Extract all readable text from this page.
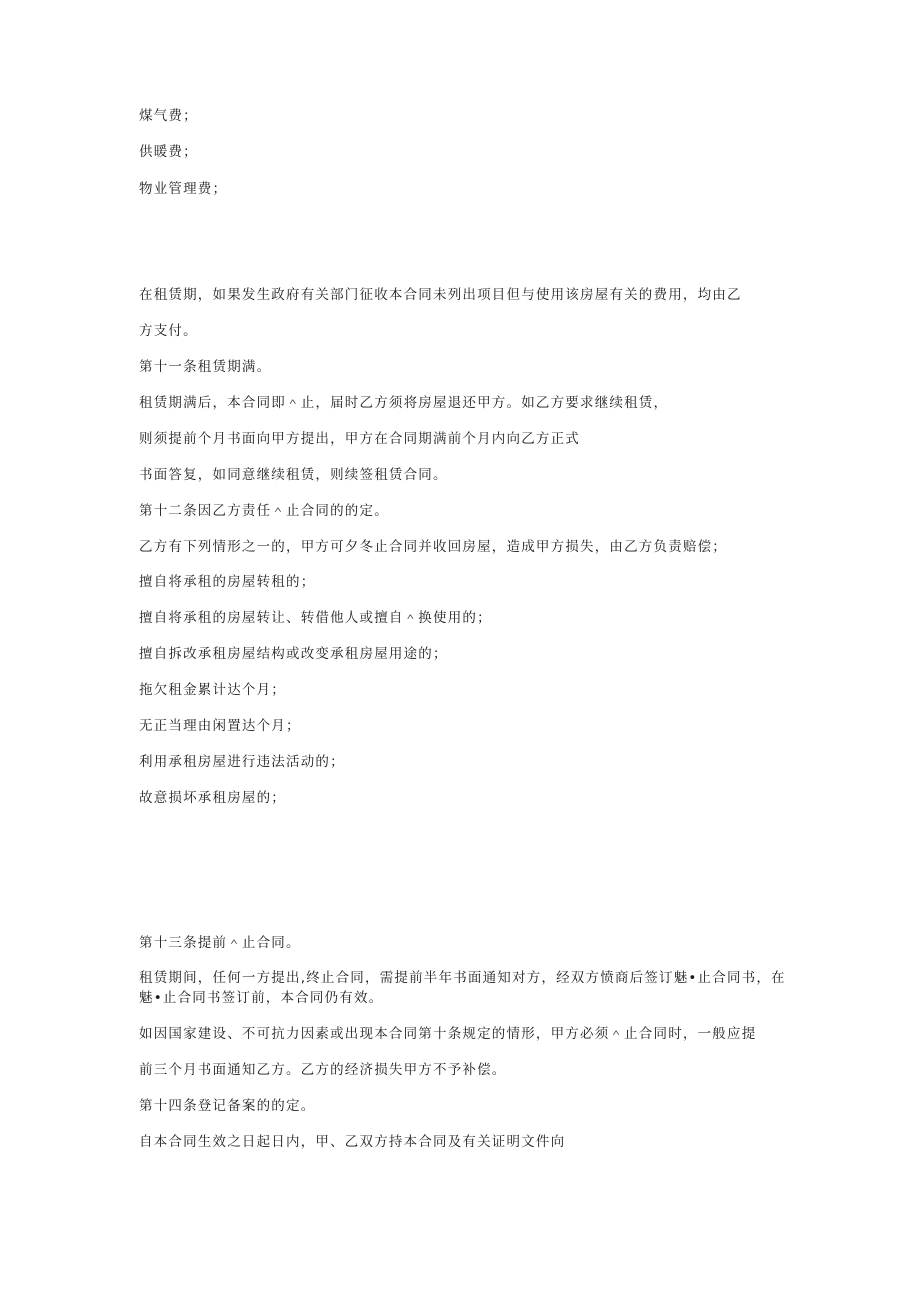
煤气费；
供暖费；
物业管理费；
在租赁期，如果发生政府有关部门征收本合同未列出项目但与使用该房屋有关的费用，均由乙
方支付。
第十一条租赁期满。
租赁期满后，本合同即＾止，届时乙方须将房屋退还甲方。如乙方要求继续租赁，
则须提前个月书面向甲方提出，甲方在合同期满前个月内向乙方正式
书面答复，如同意继续租赁，则续签租赁合同。
第十二条因乙方责任＾止合同的的定。
乙方有下列情形之一的，甲方可夕冬止合同并收回房屋，造成甲方损失，由乙方负责赔偿；
擅自将承租的房屋转租的；
擅自将承租的房屋转让、转借他人或擅自＾换使用的；
擅自拆改承租房屋结构或改变承租房屋用途的；
拖欠租金累计达个月；
无正当理由闲置达个月；
利用承租房屋进行违法活动的；
故意损坏承租房屋的；
第十三条提前＾止合同。
租赁期间，任何一方提出,终止合同，需提前半年书面通知对方，经双方愤商后签订魅•止合同书，在魅•止合同书签订前，本合同仍有效。
如因国家建设、不可抗力因素或出现本合同第十条规定的情形，甲方必须＾止合同时，一般应提
前三个月书面通知乙方。乙方的经济损失甲方不予补偿。
第十四条登记备案的的定。
自本合同生效之日起日内，甲、乙双方持本合同及有关证明文件向
